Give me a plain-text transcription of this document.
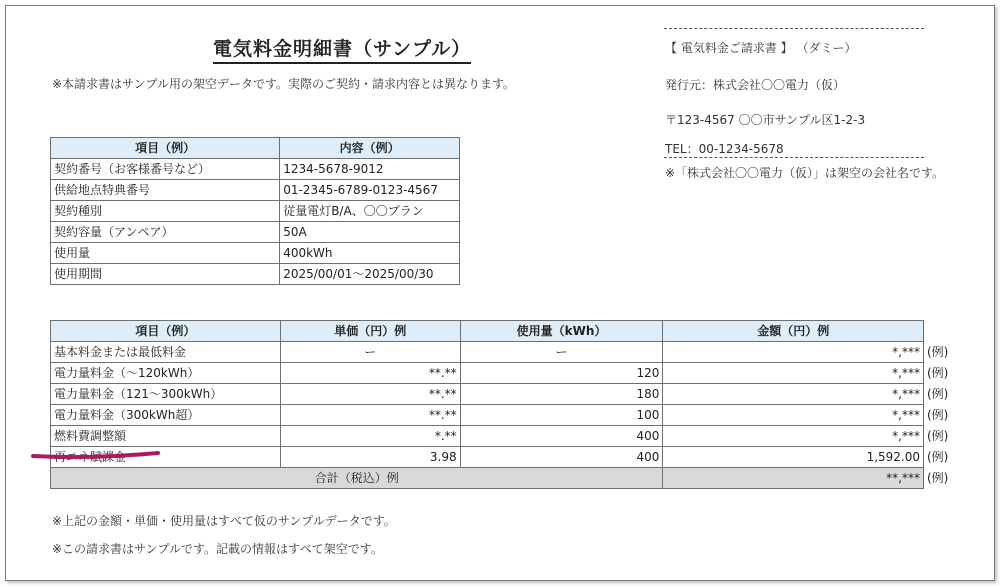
電気料金明細書（サンプル）
※本請求書はサンプル用の架空データです。実際のご契約・請求内容とは異なります。
【 電気料金ご請求書 】 （ダミー）
発行元：株式会社〇〇電力（仮）
〒123-4567 〇〇市サンプル区1-2-3
TEL：00-1234-5678
※「株式会社〇〇電力（仮）」は架空の会社名です。
項目（例）	内容（例）
契約番号（お客様番号など）	1234-5678-9012
供給地点特典番号	01-2345-6789-0123-4567
契約種別	従量電灯B/A、〇〇プラン
契約容量（アンペア）	50A
使用量	400kWh
使用期間	2025/00/01～2025/00/30
項目（例）	単価（円）例	使用量（kWh）	金額（円）例	
基本料金または最低料金	ー	ー	*,***	(例)
電力量料金（～120kWh）	**.**	120	*,***	(例)
電力量料金（121～300kWh）	**.**	180	*,***	(例)
電力量料金（300kWh超）	**.**	100	*,***	(例)
燃料費調整額	*.**	400	*,***	(例)
再エネ賦課金	3.98	400	1,592.00	(例)
合計（税込）例			**,***	(例)
※上記の金額・単価・使用量はすべて仮のサンプルデータです。
※この請求書はサンプルです。記載の情報はすべて架空です。
